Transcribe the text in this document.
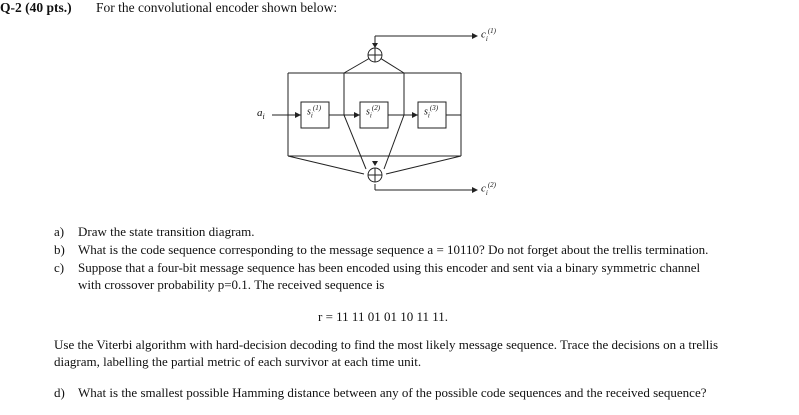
Q-2 (40 pts.) For the convolutional encoder shown below:
$a_i$	$s_i^{(1)}$	$s_i^{(2)}$	$s_i^{(3)}$
$c_i^{(1)}$
$c_i^{(2)}$
a) Draw the state transition diagram.
b) What is the code sequence corresponding to the message sequence a = 10110? Do not forget about the trellis termination.
c) Suppose that a four-bit message sequence has been encoded using this encoder and sent via a binary symmetric channel
with crossover probability p=0.1. The received sequence is
r = 11 11 01 01 10 11 11.
Use the Viterbi algorithm with hard-decision decoding to find the most likely message sequence. Trace the decisions on a trellis
diagram, labelling the partial metric of each survivor at each time unit.
d) What is the smallest possible Hamming distance between any of the possible code sequences and the received sequence?
